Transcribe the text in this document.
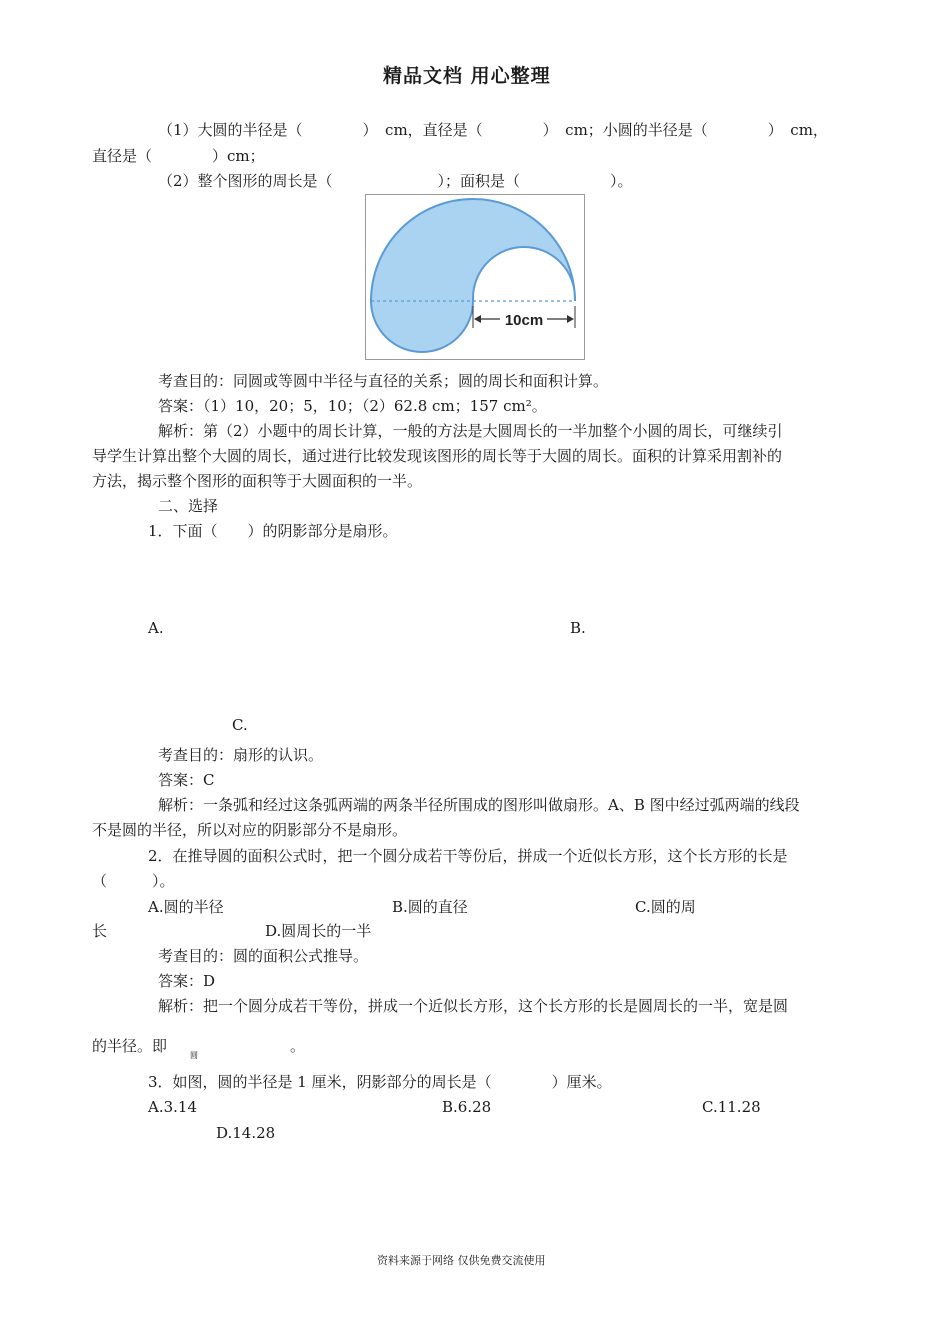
精品文档 用心整理
（1）大圆的半径是（　　　　）　cm，直径是（　　　　）　cm；小圆的半径是（　　　　）　cm，
直径是（　　　　）cm；
（2）整个图形的周长是（　　　　　　　）；面积是（　　　　　　）。
10cm
考查目的：同圆或等圆中半径与直径的关系；圆的周长和面积计算。
答案：（1）10，20；5，10；（2）62.8 cm；157 cm²。
解析：第（2）小题中的周长计算，一般的方法是大圆周长的一半加整个小圆的周长，可继续引
导学生计算出整个大圆的周长，通过进行比较发现该图形的周长等于大圆的周长。面积的计算采用割补的
方法，揭示整个图形的面积等于大圆面积的一半。
二、选择
1．下面（　　）的阴影部分是扇形。
A.	B.
C.
考查目的：扇形的认识。
答案：C
解析：一条弧和经过这条弧两端的两条半径所围成的图形叫做扇形。A、B 图中经过弧两端的线段
不是圆的半径，所以对应的阴影部分不是扇形。
2．在推导圆的面积公式时，把一个圆分成若干等份后，拼成一个近似长方形，这个长方形的长是
（　　　）。
A.圆的半径	B.圆的直径	C.圆的周
长	D.圆周长的一半
考查目的：圆的面积公式推导。
答案：D
解析：把一个圆分成若干等份，拼成一个近似长方形，这个长方形的长是圆周长的一半，宽是圆
的半径。即
圆
。
3．如图，圆的半径是 1 厘米，阴影部分的周长是（　　　　）厘米。
A.3.14	B.6.28	C.11.28
D.14.28
资料来源于网络 仅供免费交流使用
